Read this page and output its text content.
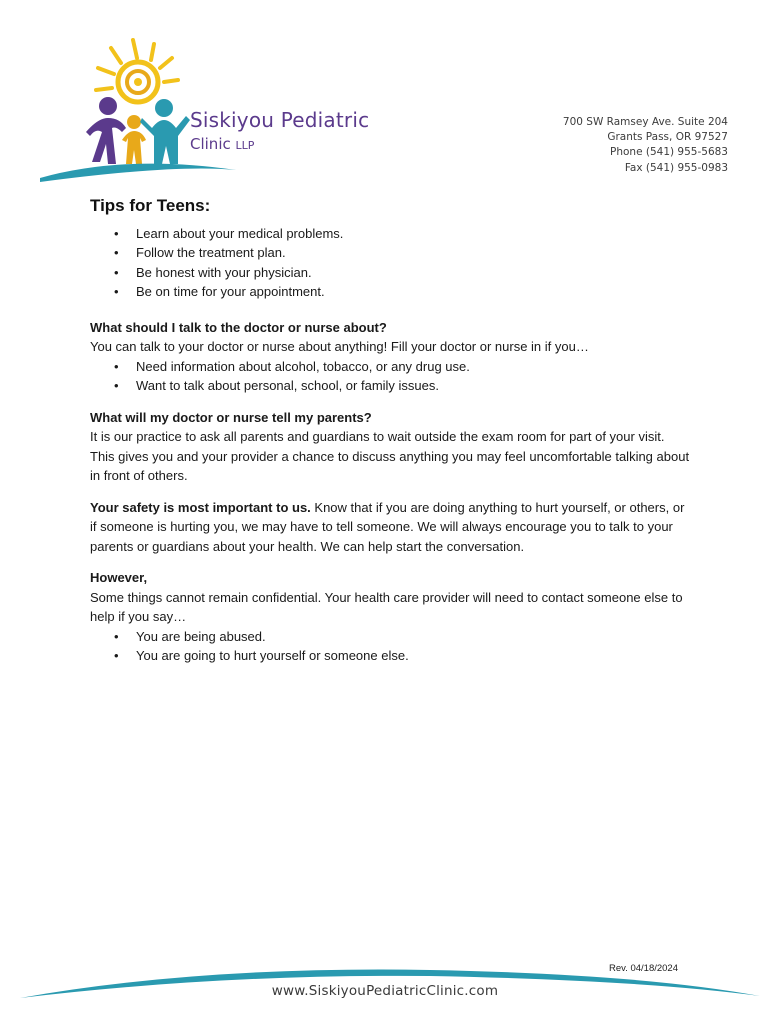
Siskiyou Pediatric
Clinic LLP
700 SW Ramsey Ave. Suite 204
Grants Pass, OR 97527
Phone (541) 955-5683
Fax (541) 955-0983
Tips for Teens:
• Learn about your medical problems.
• Follow the treatment plan.
• Be honest with your physician.
• Be on time for your appointment.
What should I talk to the doctor or nurse about?

You can talk to your doctor or nurse about anything! Fill your doctor or nurse in if you…

• Need information about alcohol, tobacco, or any drug use.
• Want to talk about personal, school, or family issues.
What will my doctor or nurse tell my parents?

It is our practice to ask all parents and guardians to wait outside the exam room for part of your visit. This gives you and your provider a chance to discuss anything you may feel uncomfortable talking about in front of others.

Your safety is most important to us. Know that if you are doing anything to hurt yourself, or others, or if someone is hurting you, we may have to tell someone. We will always encourage you to talk to your parents or guardians about your health. We can help start the conversation.

However,

Some things cannot remain confidential. Your health care provider will need to contact someone else to help if you say…

• You are being abused.
• You are going to hurt yourself or someone else.
Rev. 04/18/2024
www.SiskiyouPediatricClinic.com
